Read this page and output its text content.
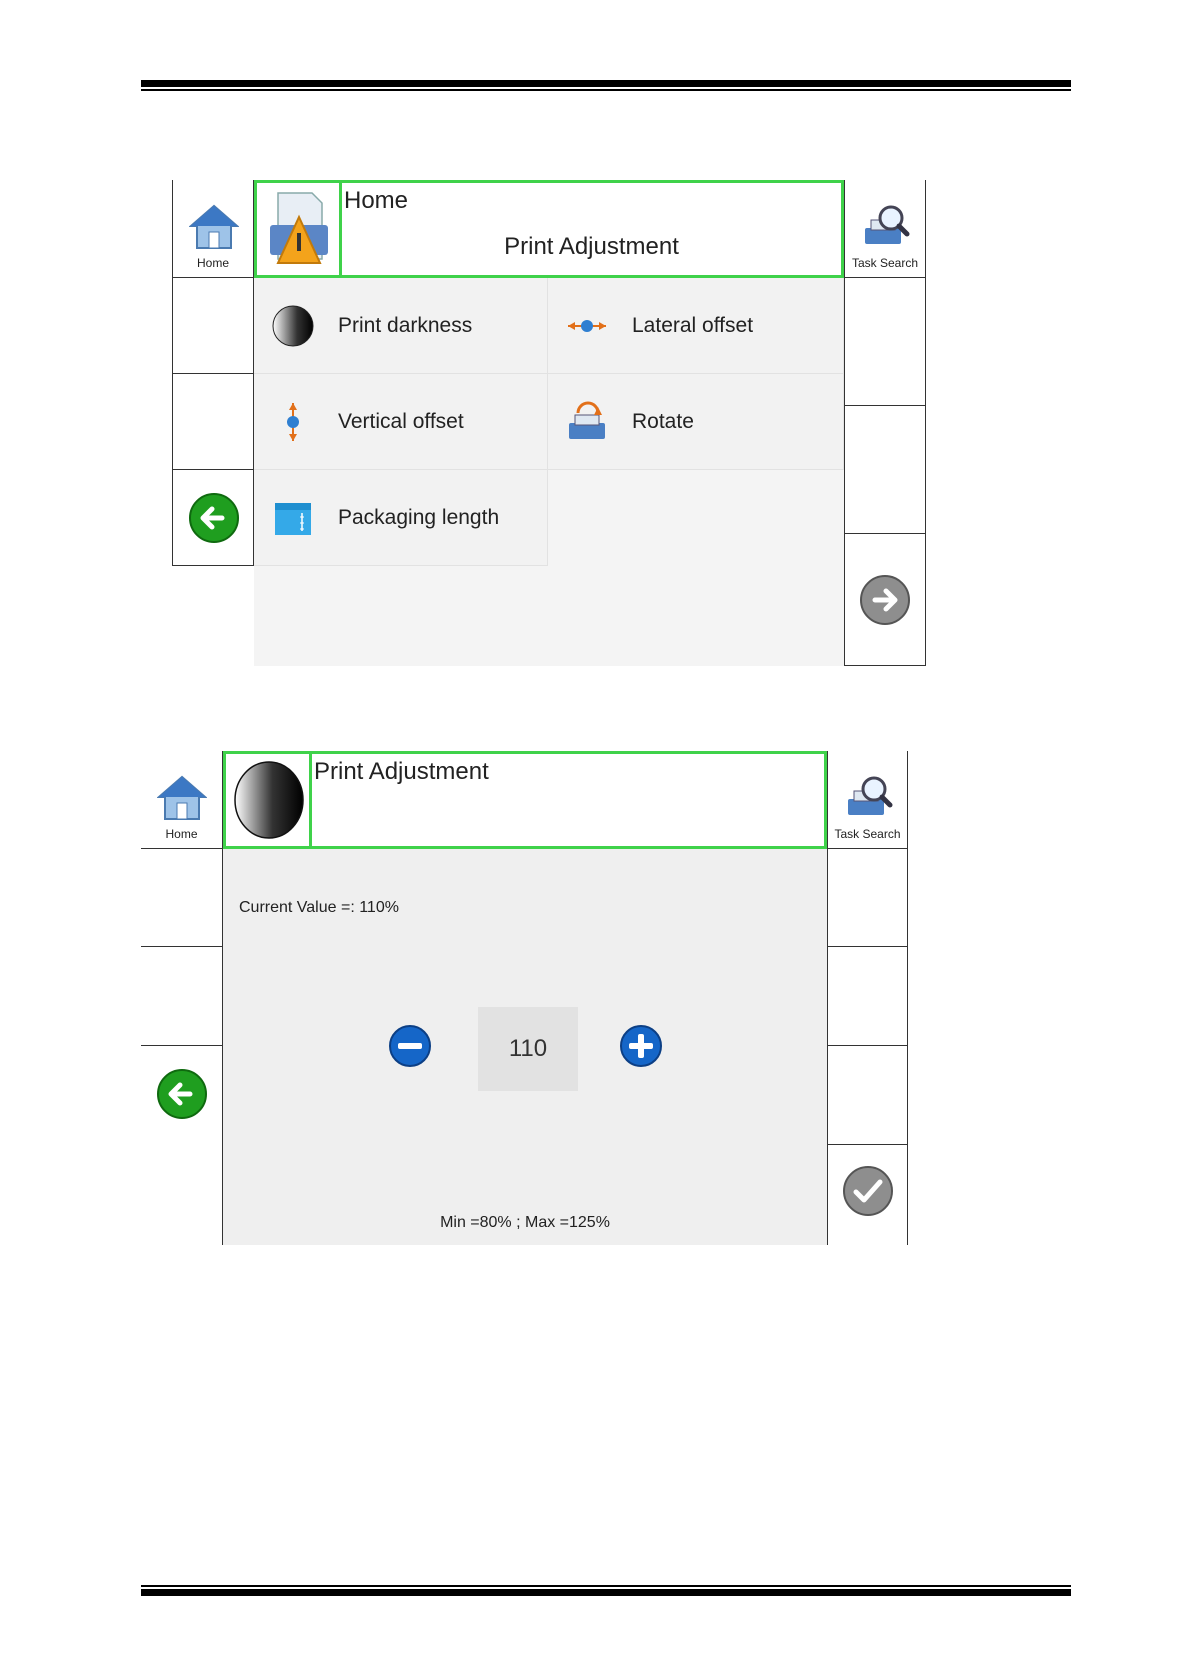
Home
Home
Print Adjustment
Task Search
Print darkness	Lateral offset
Vertical offset	Rotate
Packaging length
Home
Print Adjustment
Task Search
Current Value =: 110%
110
Min =80% ; Max =125%
